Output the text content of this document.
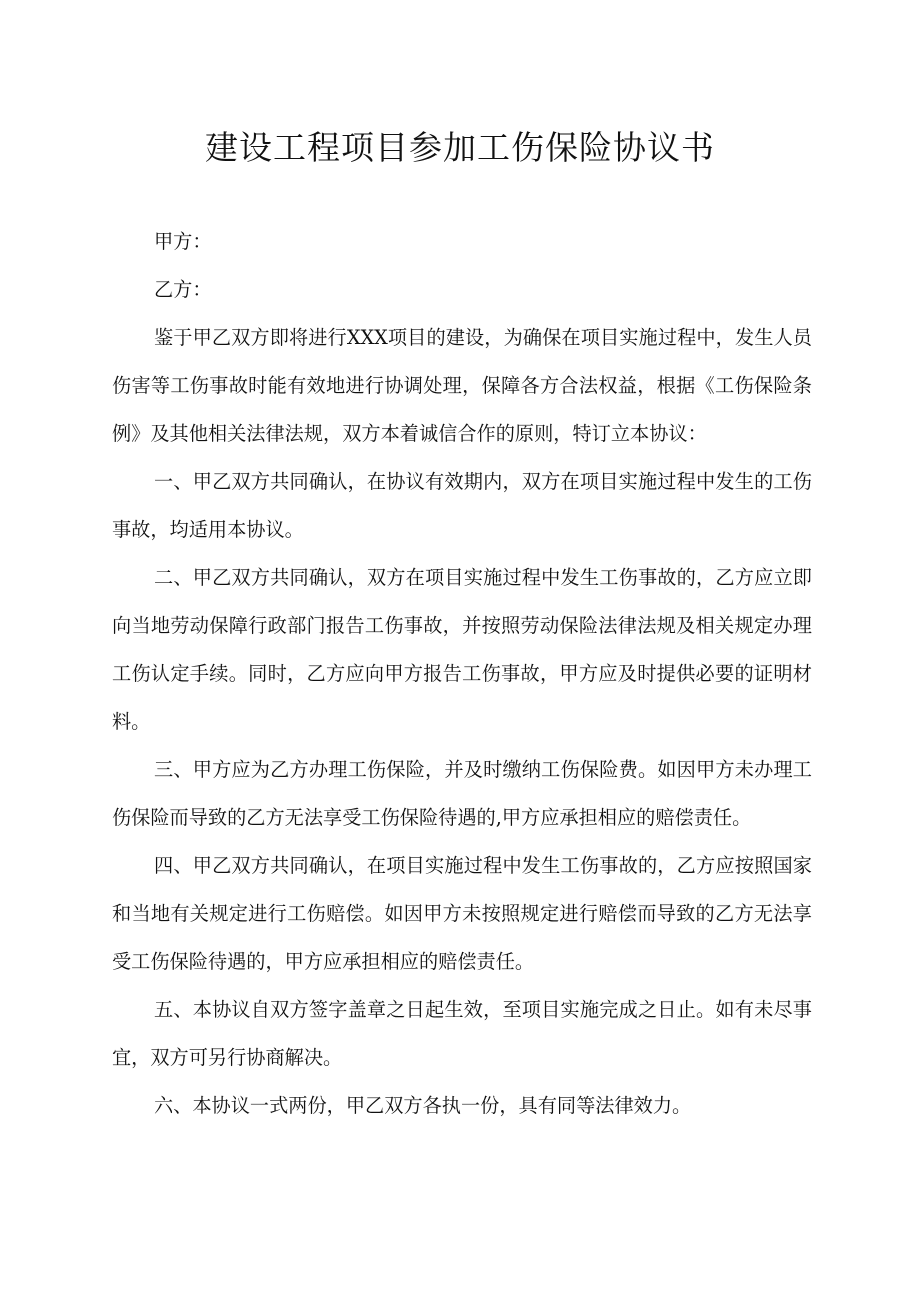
建设工程项目参加工伤保险协议书

甲方：

乙方：

鉴于甲乙双方即将进行XXX项目的建设，为确保在项目实施过程中，发生人员伤害等工伤事故时能有效地进行协调处理，保障各方合法权益，根据《工伤保险条例》及其他相关法律法规，双方本着诚信合作的原则，特订立本协议：

一、甲乙双方共同确认，在协议有效期内，双方在项目实施过程中发生的工伤事故，均适用本协议。

二、甲乙双方共同确认，双方在项目实施过程中发生工伤事故的，乙方应立即向当地劳动保障行政部门报告工伤事故，并按照劳动保险法律法规及相关规定办理工伤认定手续。同时，乙方应向甲方报告工伤事故，甲方应及时提供必要的证明材料。

三、甲方应为乙方办理工伤保险，并及时缴纳工伤保险费。如因甲方未办理工伤保险而导致的乙方无法享受工伤保险待遇的,甲方应承担相应的赔偿责任。

四、甲乙双方共同确认，在项目实施过程中发生工伤事故的，乙方应按照国家和当地有关规定进行工伤赔偿。如因甲方未按照规定进行赔偿而导致的乙方无法享受工伤保险待遇的，甲方应承担相应的赔偿责任。

五、本协议自双方签字盖章之日起生效，至项目实施完成之日止。如有未尽事宜，双方可另行协商解决。

六、本协议一式两份，甲乙双方各执一份，具有同等法律效力。
